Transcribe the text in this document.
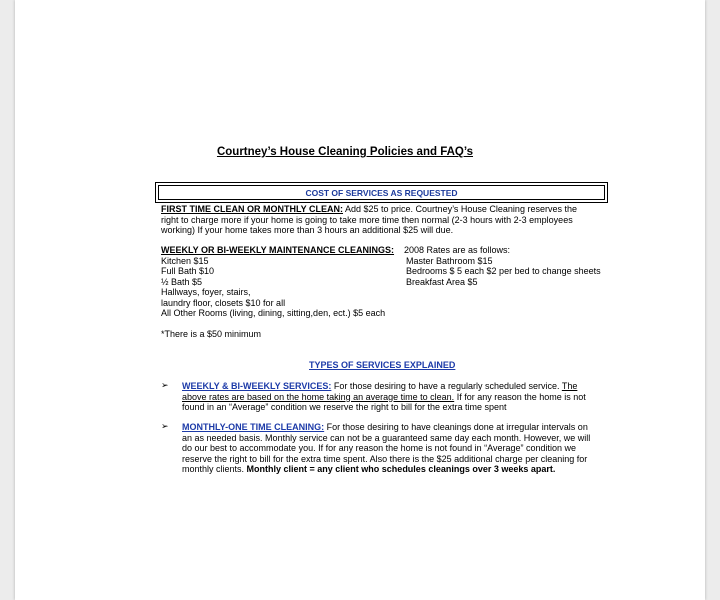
Courtney’s House Cleaning Policies and FAQ’s
COST OF SERVICES AS REQUESTED
FIRST TIME CLEAN OR MONTHLY CLEAN: Add $25 to price. Courtney’s House Cleaning reserves the
right to charge more if your home is going to take more time then normal (2-3 hours with 2-3 employees
working) If your home takes more than 3 hours an additional $25 will due.
WEEKLY OR BI-WEEKLY MAINTENANCE CLEANINGS: 2008 Rates are as follows:
Kitchen $15
Full Bath $10
½ Bath $5
Hallways, foyer, stairs,
laundry floor, closets $10 for all
All Other Rooms (living, dining, sitting,den, ect.) $5 each
Master Bathroom $15
Bedrooms $ 5 each $2 per bed to change sheets
Breakfast Area $5
*There is a $50 minimum
TYPES OF SERVICES EXPLAINED
➢ WEEKLY & BI-WEEKLY SERVICES: For those desiring to have a regularly scheduled service. The
above rates are based on the home taking an average time to clean. If for any reason the home is not
found in an “Average” condition we reserve the right to bill for the extra time spent
➢ MONTHLY-ONE TIME CLEANING: For those desiring to have cleanings done at irregular intervals on
an as needed basis. Monthly service can not be a guaranteed same day each month. However, we will
do our best to accommodate you. If for any reason the home is not found in “Average” condition we
reserve the right to bill for the extra time spent. Also there is the $25 additional charge per cleaning for
monthly clients. Monthly client = any client who schedules cleanings over 3 weeks apart.
